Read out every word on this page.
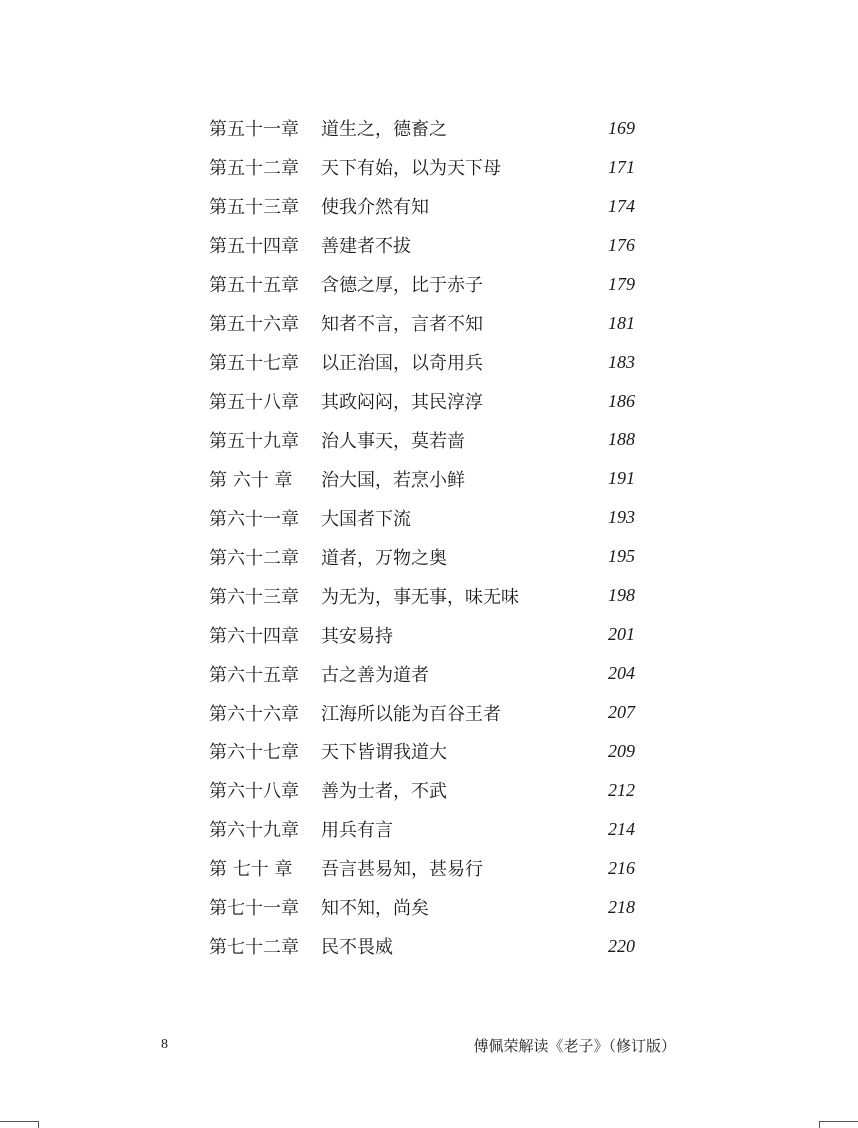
第五十一章	道生之，德畜之	169
第五十二章	天下有始，以为天下母	171
第五十三章	使我介然有知	174
第五十四章	善建者不拔	176
第五十五章	含德之厚，比于赤子	179
第五十六章	知者不言，言者不知	181
第五十七章	以正治国，以奇用兵	183
第五十八章	其政闷闷，其民淳淳	186
第五十九章	治人事天，莫若啬	188
第 六十 章	治大国，若烹小鲜	191
第六十一章	大国者下流	193
第六十二章	道者，万物之奥	195
第六十三章	为无为，事无事，味无味	198
第六十四章	其安易持	201
第六十五章	古之善为道者	204
第六十六章	江海所以能为百谷王者	207
第六十七章	天下皆谓我道大	209
第六十八章	善为士者，不武	212
第六十九章	用兵有言	214
第 七十 章	吾言甚易知，甚易行	216
第七十一章	知不知，尚矣	218
第七十二章	民不畏威	220
8	傅佩荣解读《老子》（修订版）
